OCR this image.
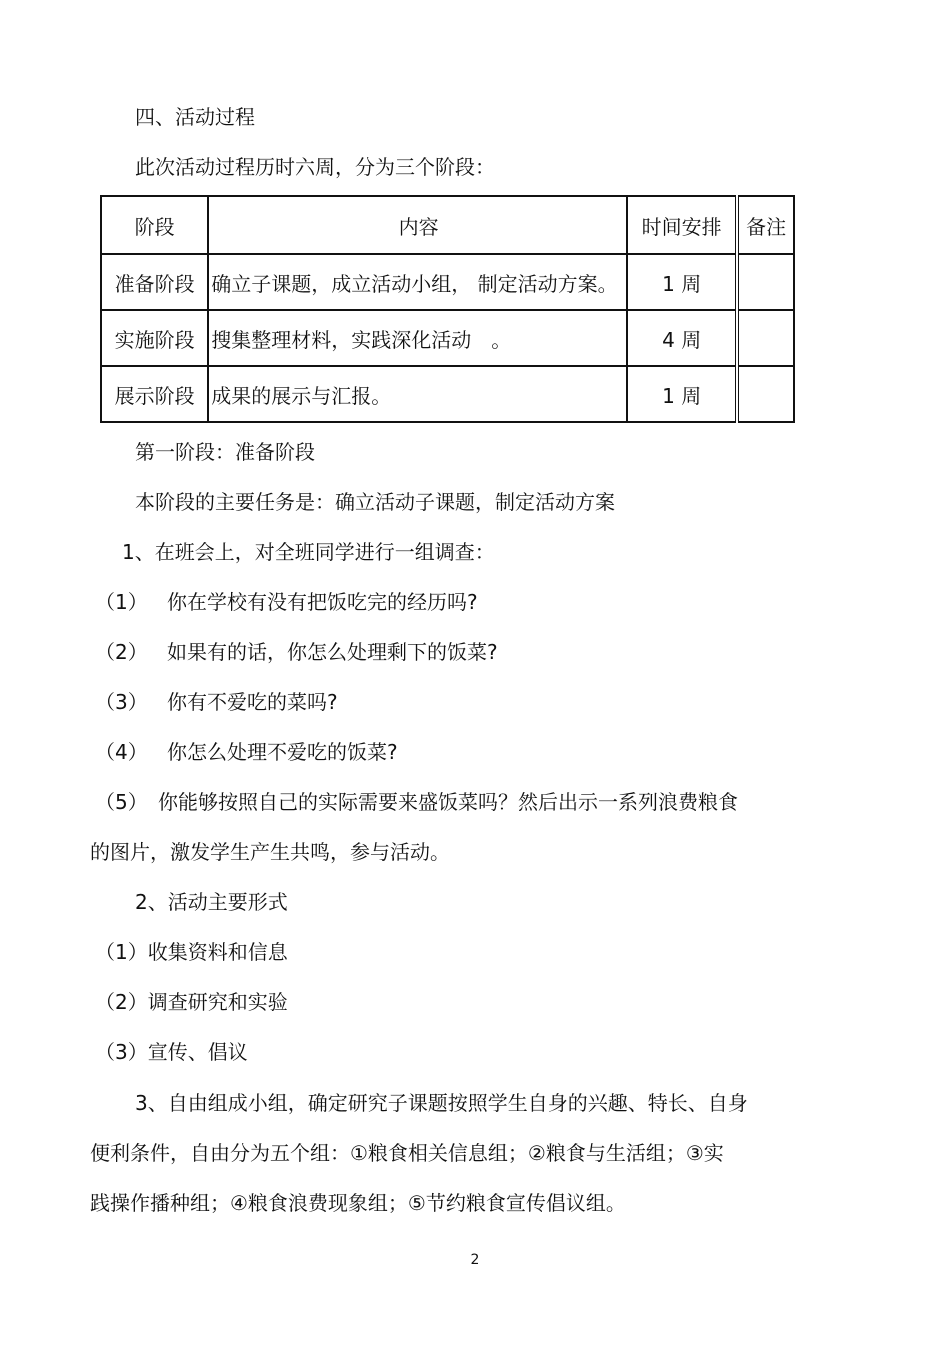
四、活动过程
此次活动过程历时六周，分为三个阶段：
阶段	内容	时间安排	备注
准备阶段	确立子课题，成立活动小组， 制定活动方案。	1 周	
实施阶段	搜集整理材料，实践深化活动　。	4 周	
展示阶段	成果的展示与汇报。	1 周	
第一阶段：准备阶段
本阶段的主要任务是：确立活动子课题，制定活动方案
1、在班会上，对全班同学进行一组调查：
（1） 你在学校有没有把饭吃完的经历吗?
（2） 如果有的话，你怎么处理剩下的饭菜?
（3） 你有不爱吃的菜吗?
（4） 你怎么处理不爱吃的饭菜?
（5） 你能够按照自己的实际需要来盛饭菜吗？然后出示一系列浪费粮食
的图片，激发学生产生共鸣，参与活动。
2、活动主要形式
（1）收集资料和信息
（2）调查研究和实验
（3）宣传、倡议
3、自由组成小组，确定研究子课题按照学生自身的兴趣、特长、自身
便利条件，自由分为五个组：①粮食相关信息组；②粮食与生活组；③实
践操作播种组；④粮食浪费现象组；⑤节约粮食宣传倡议组。
2
